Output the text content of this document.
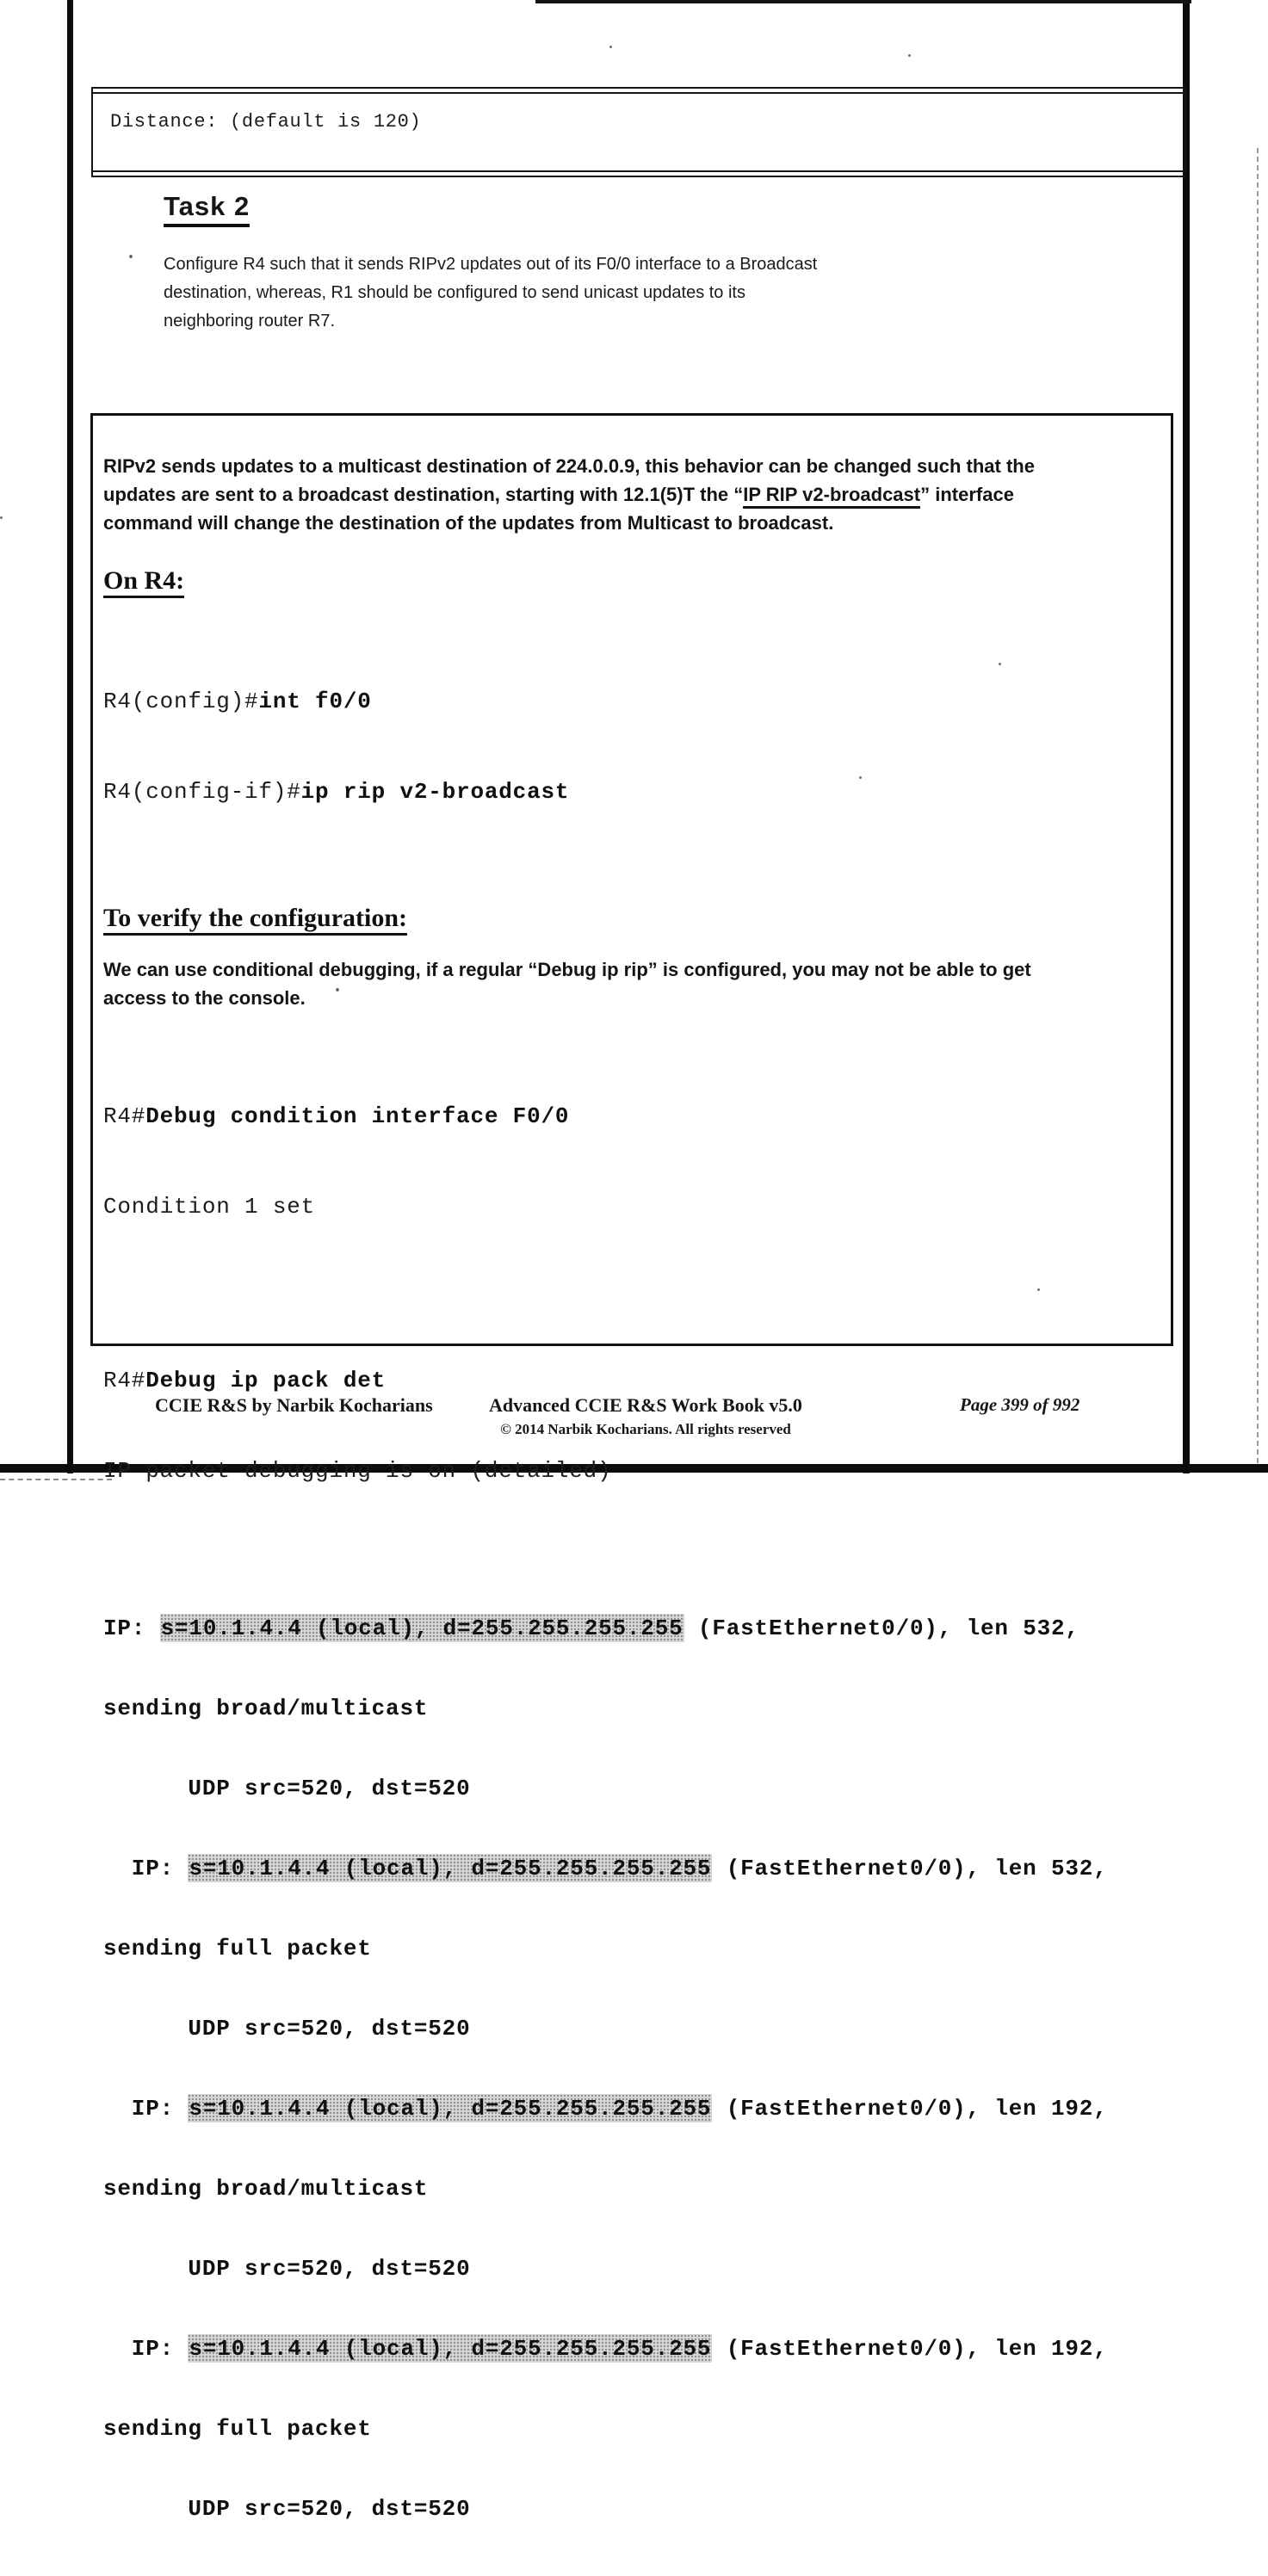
Distance: (default is 120)
Task 2
Configure R4 such that it sends RIPv2 updates out of its F0/0 interface to a Broadcast
destination, whereas, R1 should be configured to send unicast updates to its
neighboring router R7.
RIPv2 sends updates to a multicast destination of 224.0.0.9, this behavior can be changed such that the
updates are sent to a broadcast destination, starting with 12.1(5)T the “IP RIP v2-broadcast” interface
command will change the destination of the updates from Multicast to broadcast.
On R4:

R4(config)#int f0/0

R4(config-if)#ip rip v2-broadcast

To verify the configuration:
We can use conditional debugging, if a regular “Debug ip rip” is configured, you may not be able to get
access to the console.

R4#Debug condition interface F0/0

Condition 1 set

R4#Debug ip pack det

IP packet debugging is on (detailed)

IP: s=10.1.4.4 (local), d=255.255.255.255 (FastEthernet0/0), len 532,

sending broad/multicast

UDP src=520, dst=520

IP: s=10.1.4.4 (local), d=255.255.255.255 (FastEthernet0/0), len 532,

sending full packet

UDP src=520, dst=520

IP: s=10.1.4.4 (local), d=255.255.255.255 (FastEthernet0/0), len 192,

sending broad/multicast

UDP src=520, dst=520

IP: s=10.1.4.4 (local), d=255.255.255.255 (FastEthernet0/0), len 192,

sending full packet

UDP src=520, dst=520

CCIE R&S by Narbik Kocharians	Advanced CCIE R&S Work Book v5.0
© 2014 Narbik Kocharians. All rights reserved
Page 399 of 992
